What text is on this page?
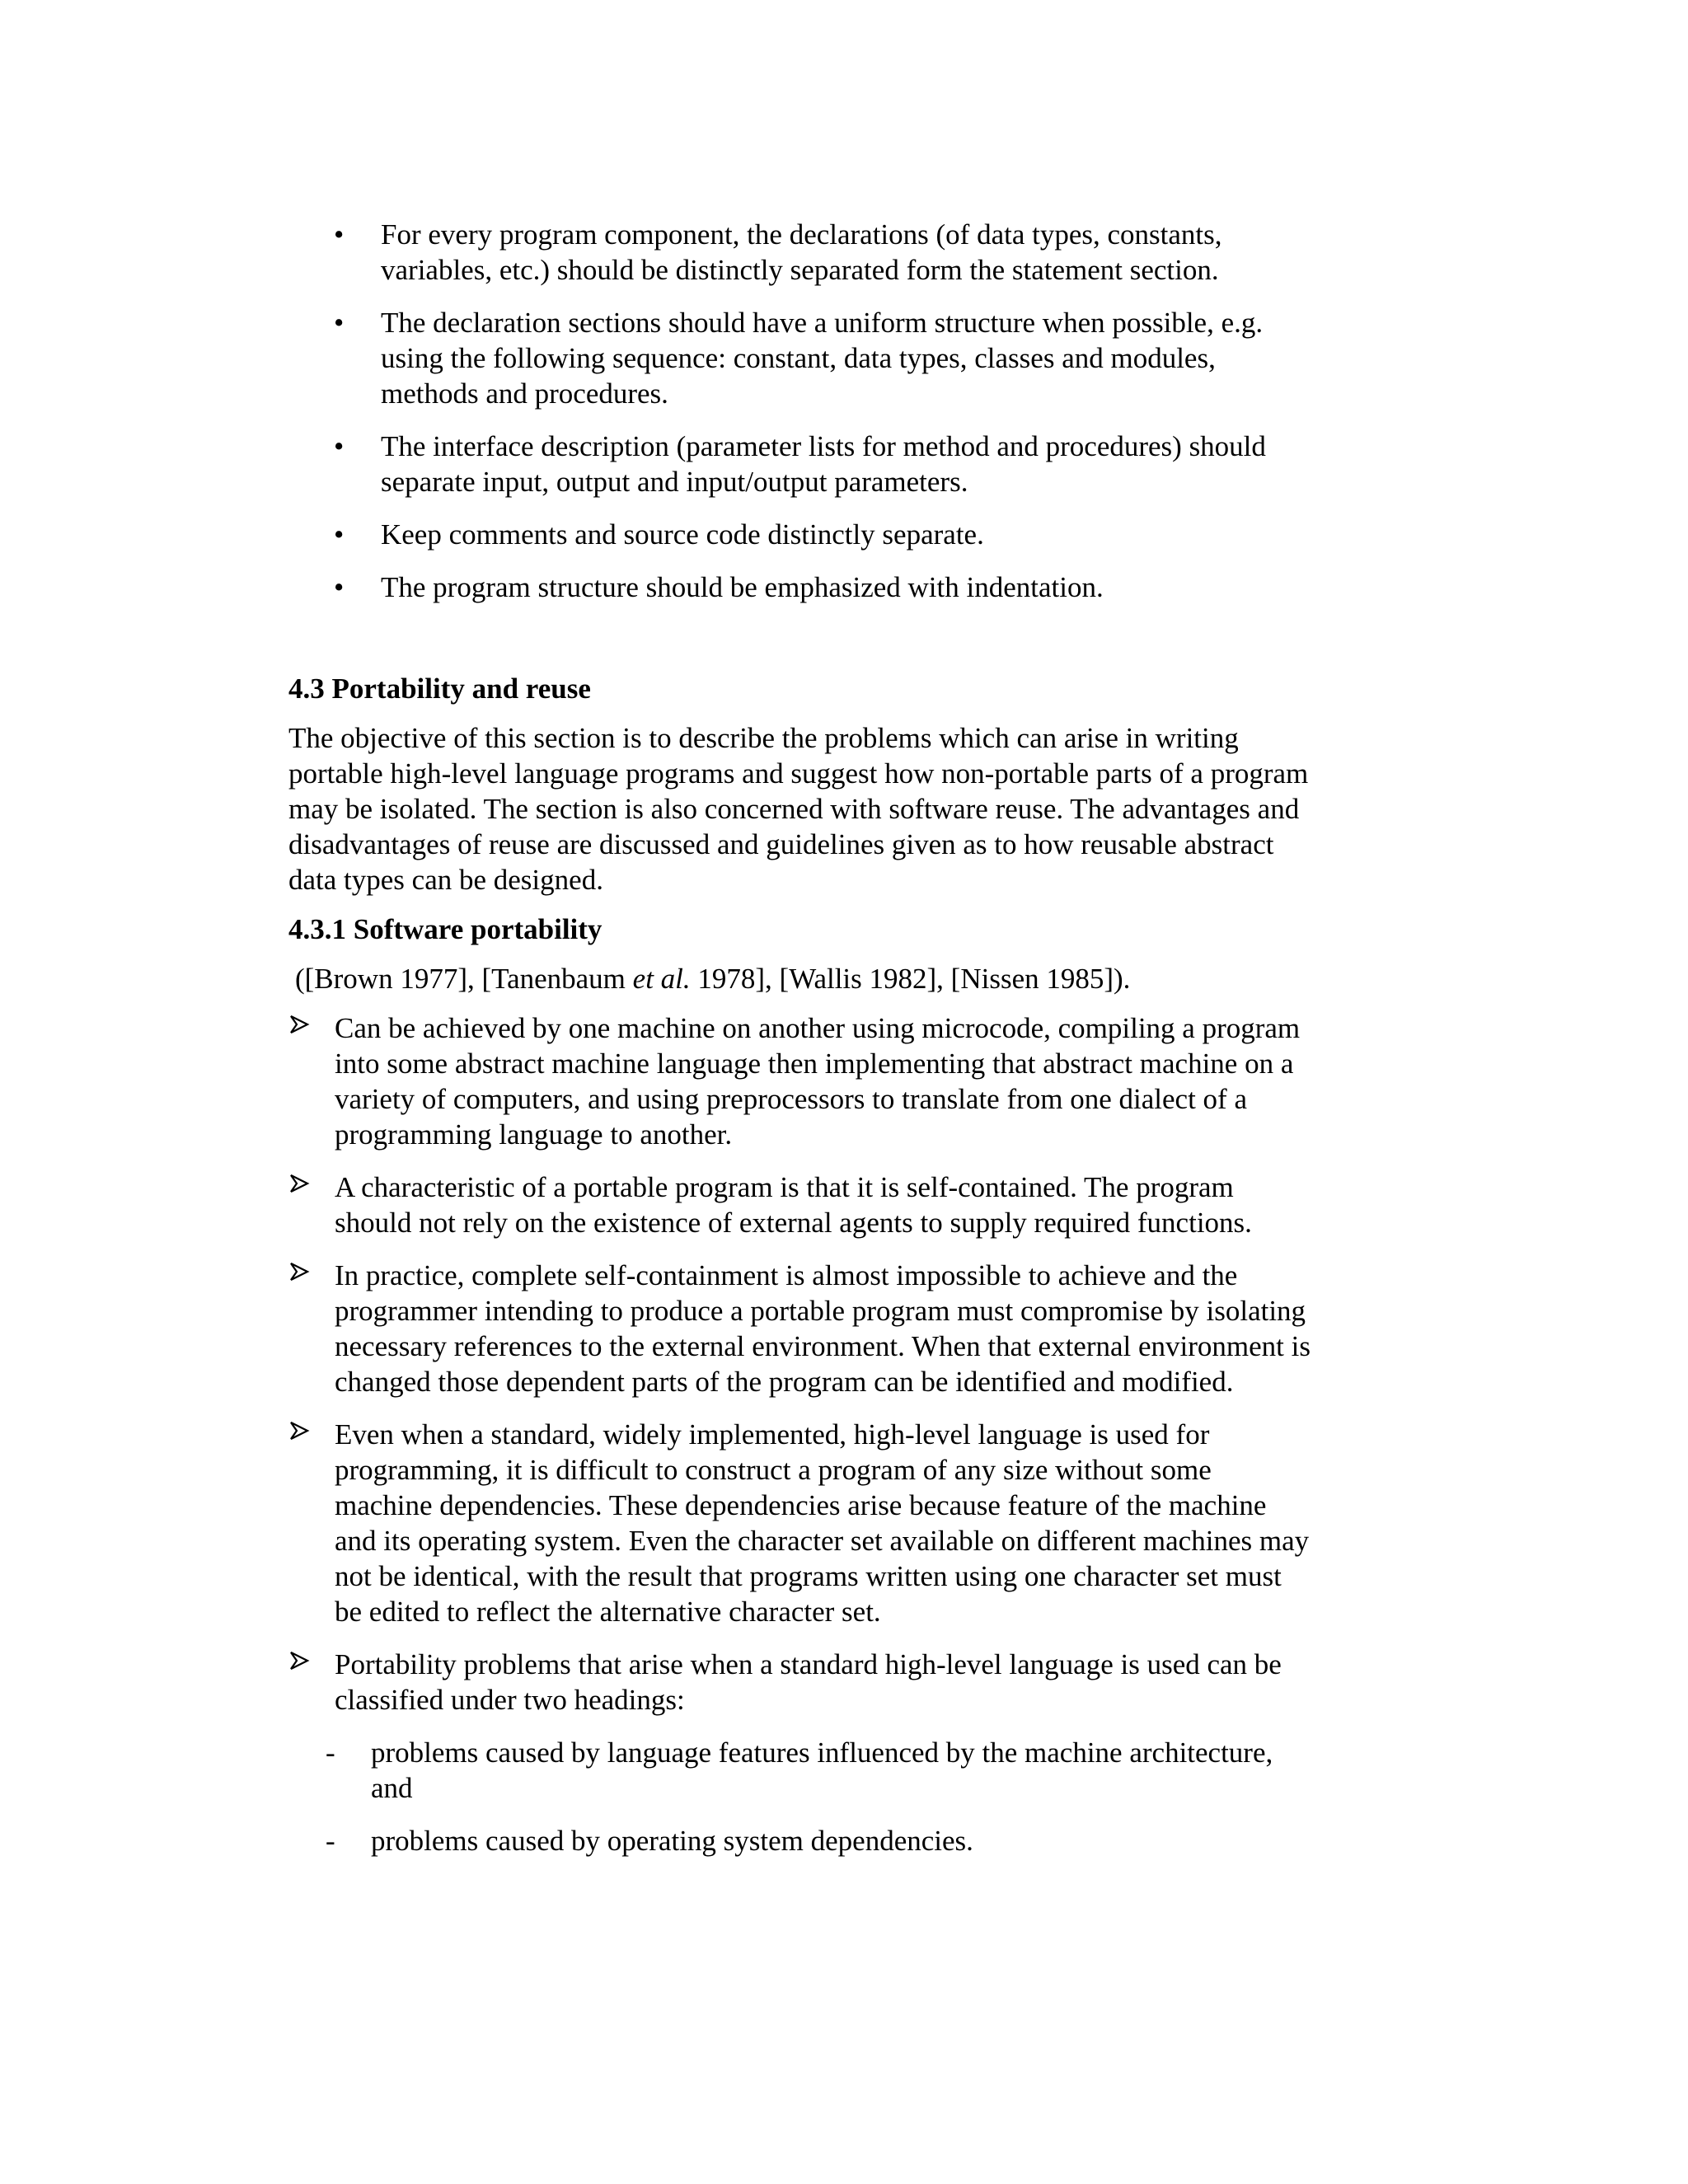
• For every program component, the declarations (of data types, constants,

variables, etc.) should be distinctly separated form the statement section.

• The declaration sections should have a uniform structure when possible, e.g.

using the following sequence: constant, data types, classes and modules,

methods and procedures.

• The interface description (parameter lists for method and procedures) should

separate input, output and input/output parameters.

• Keep comments and source code distinctly separate.

• The program structure should be emphasized with indentation.

4.3 Portability and reuse

The objective of this section is to describe the problems which can arise in writing

portable high-level language programs and suggest how non-portable parts of a program

may be isolated. The section is also concerned with software reuse. The advantages and

disadvantages of reuse are discussed and guidelines given as to how reusable abstract

data types can be designed.

4.3.1 Software portability

([Brown 1977], [Tanenbaum et al. 1978], [Wallis 1982], [Nissen 1985]).

Can be achieved by one machine on another using microcode, compiling a program

into some abstract machine language then implementing that abstract machine on a

variety of computers, and using preprocessors to translate from one dialect of a

programming language to another.

A characteristic of a portable program is that it is self-contained. The program

should not rely on the existence of external agents to supply required functions.

In practice, complete self-containment is almost impossible to achieve and the

programmer intending to produce a portable program must compromise by isolating

necessary references to the external environment. When that external environment is

changed those dependent parts of the program can be identified and modified.

Even when a standard, widely implemented, high-level language is used for

programming, it is difficult to construct a program of any size without some

machine dependencies. These dependencies arise because feature of the machine

and its operating system. Even the character set available on different machines may

not be identical, with the result that programs written using one character set must

be edited to reflect the alternative character set.

Portability problems that arise when a standard high-level language is used can be

classified under two headings:

- problems caused by language features influenced by the machine architecture,

and

- problems caused by operating system dependencies.
